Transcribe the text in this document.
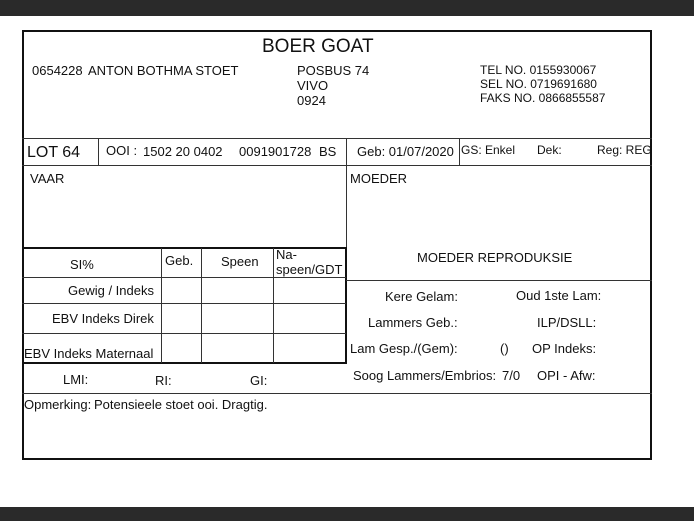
BOER GOAT
0654228 ANTON BOTHMA STOET	POSBUS 74
VIVO
0924
TEL NO. 0155930067
SEL NO. 0719691680
FAKS NO. 0866855587
LOT 64 OOI : 1502 20 0402 0091901728 BS Geb: 01/07/2020 GS: Enkel Dek:	Reg: REG
VAAR	MOEDER
SI%	Geb. Speen Na-
speen/GDT
Gewig / Indeks
EBV Indeks Direk
EBV Indeks Maternaal
LMI:	RI:	GI:
MOEDER REPRODUKSIE
Kere Gelam:	Oud 1ste Lam:
Lammers Geb.:	ILP/DSLL:
Lam Gesp./(Gem):	() OP Indeks:
Soog Lammers/Embrios: 7/0 OPI - Afw:
Opmerking: Potensieele stoet ooi. Dragtig.
